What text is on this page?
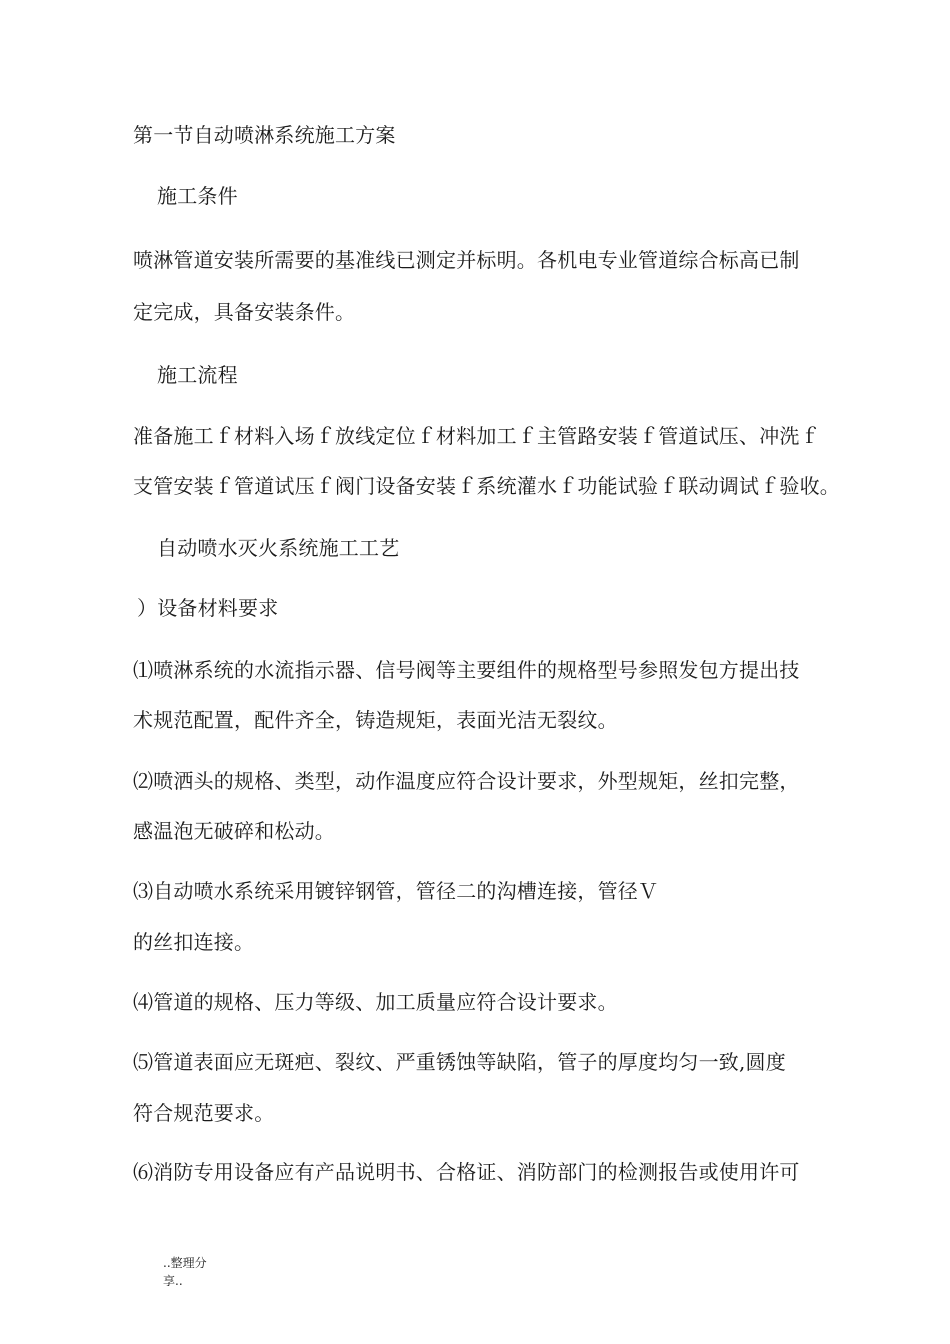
第一节自动喷淋系统施工方案
施工条件
喷淋管道安装所需要的基准线已测定并标明。各机电专业管道综合标高已制
定完成，具备安装条件。
施工流程
准备施工ｆ材料入场ｆ放线定位ｆ材料加工ｆ主管路安装ｆ管道试压、冲洗ｆ
支管安装ｆ管道试压ｆ阀门设备安装ｆ系统灌水ｆ功能试验ｆ联动调试ｆ验收。
自动喷水灭火系统施工工艺
）设备材料要求
⑴喷淋系统的水流指示器、信号阀等主要组件的规格型号参照发包方提出技
术规范配置，配件齐全，铸造规矩，表面光洁无裂纹。
⑵喷洒头的规格、类型，动作温度应符合设计要求，外型规矩，丝扣完整，
感温泡无破碎和松动。
⑶自动喷水系统采用镀锌钢管，管径二的沟槽连接，管径Ｖ
的丝扣连接。
⑷管道的规格、压力等级、加工质量应符合设计要求。
⑸管道表面应无斑疤、裂纹、严重锈蚀等缺陷，管子的厚度均匀一致,圆度
符合规范要求。
⑹消防专用设备应有产品说明书、合格证、消防部门的检测报告或使用许可
..整理分
享..
